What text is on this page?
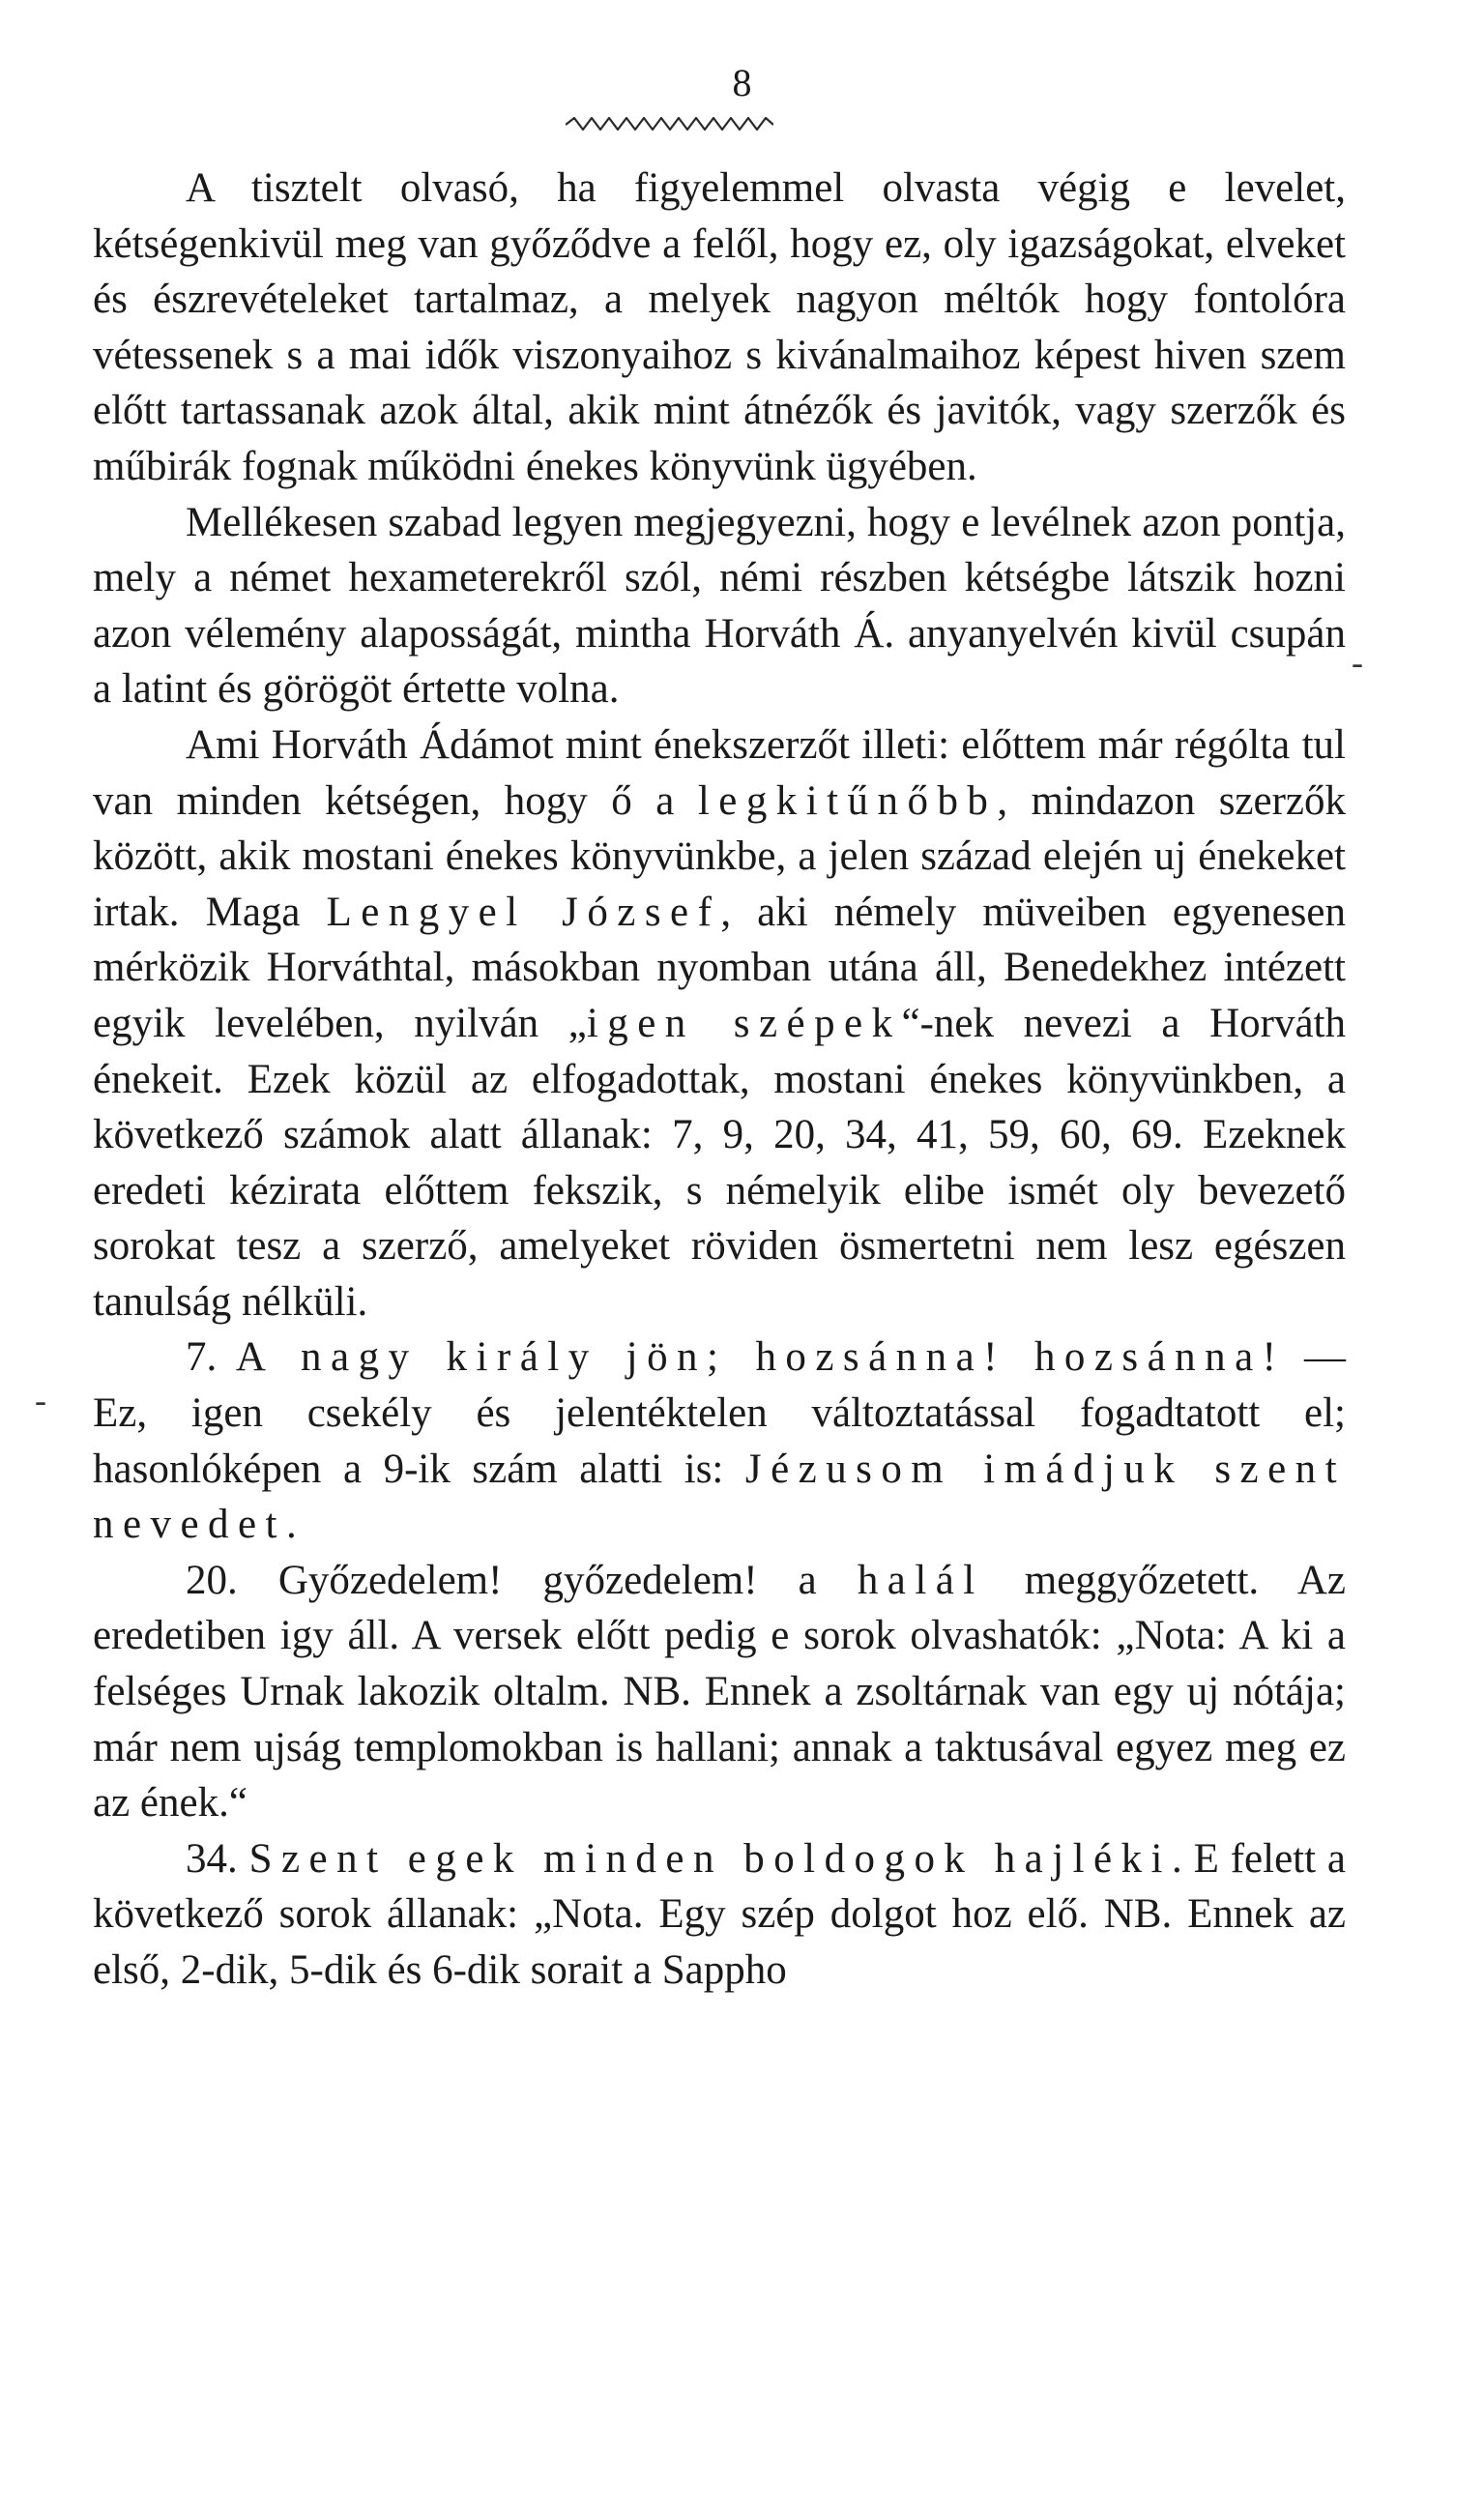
8

A tisztelt olvasó, ha figyelemmel olvasta végig e levelet, kétségenkivül meg van győződve a felől, hogy ez, oly igazságokat, elveket és észrevételeket tartalmaz, a melyek nagyon méltók hogy fontolóra vétessenek s a mai idők viszonyaihoz s kivánalmaihoz képest hiven szem előtt tartassanak azok által, akik mint átnézők és javitók, vagy szerzők és műbirák fognak működni énekes könyvünk ügyében.

Mellékesen szabad legyen megjegyezni, hogy e levélnek azon pontja, mely a német hexameterekről szól, némi részben kétségbe látszik hozni azon vélemény alaposságát, mintha Horváth Á. anyanyelvén kivül csupán a latint és görögöt értette volna.

Ami Horváth Ádámot mint énekszerzőt illeti: előttem már régólta tul van minden kétségen, hogy ő a legkitűnőbb, mindazon szerzők között, akik mostani énekes könyvünkbe, a jelen század elején uj énekeket irtak. Maga Lengyel József, aki némely müveiben egyenesen mérközik Horváthtal, másokban nyomban utána áll, Benedekhez intézett egyik levelében, nyilván „igen szépek“-nek nevezi a Horváth énekeit. Ezek közül az elfogadottak, mostani énekes könyvünkben, a következő számok alatt állanak: 7, 9, 20, 34, 41, 59, 60, 69. Ezeknek eredeti kézirata előttem fekszik, s némelyik elibe ismét oly bevezető sorokat tesz a szerző, amelyeket röviden ösmertetni nem lesz egészen tanulság nélküli.

7. A nagy király jön; hozsánna! hozsánna! — Ez, igen csekély és jelentéktelen változtatással fogadtatott el; hasonlóképen a 9-ik szám alatti is: Jézusom imádjuk szent nevedet.

20. Győzedelem! győzedelem! a halál meggyőzetett. Az eredetiben igy áll. A versek előtt pedig e sorok olvashatók: „Nota: A ki a felséges Urnak lakozik oltalm. NB. Ennek a zsoltárnak van egy uj nótája; már nem ujság templomokban is hallani; annak a taktusával egyez meg ez az ének.“

34. Szent egek minden boldogok hajléki. E felett a következő sorok állanak: „Nota. Egy szép dolgot hoz elő. NB. Ennek az első, 2-dik, 5-dik és 6-dik sorait a Sappho

-
-
